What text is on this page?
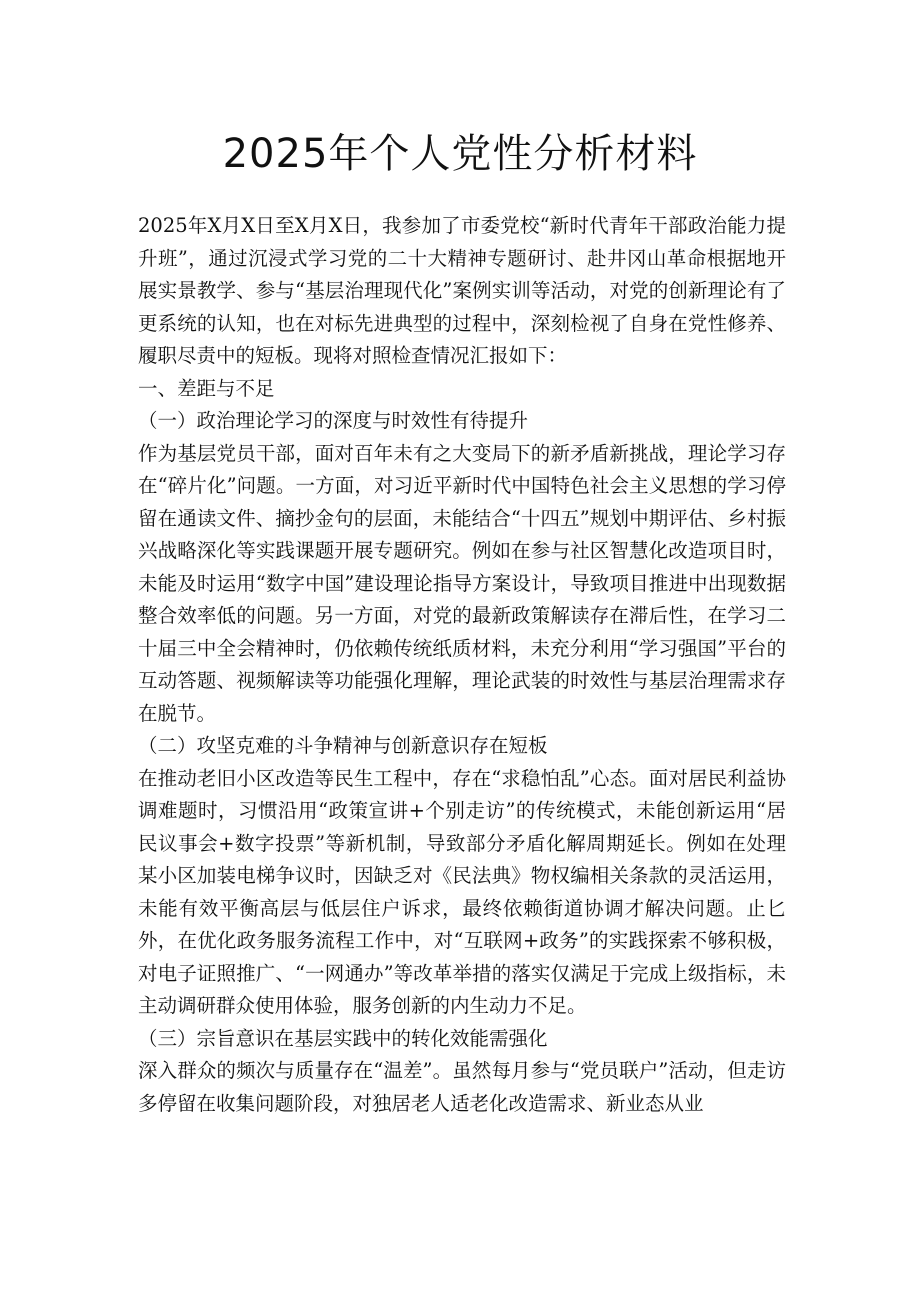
2025年个人党性分析材料

2025年X月X日至X月X日，我参加了市委党校“新时代青年干部政治能力提升班”，通过沉浸式学习党的二十大精神专题研讨、赴井冈山革命根据地开展实景教学、参与“基层治理现代化”案例实训等活动，对党的创新理论有了更系统的认知，也在对标先进典型的过程中，深刻检视了自身在党性修养、履职尽责中的短板。现将对照检查情况汇报如下：

一、差距与不足

（一）政治理论学习的深度与时效性有待提升

作为基层党员干部，面对百年未有之大变局下的新矛盾新挑战，理论学习存在“碎片化”问题。一方面，对习近平新时代中国特色社会主义思想的学习停留在通读文件、摘抄金句的层面，未能结合“十四五”规划中期评估、乡村振兴战略深化等实践课题开展专题研究。例如在参与社区智慧化改造项目时，未能及时运用“数字中国”建设理论指导方案设计，导致项目推进中出现数据整合效率低的问题。另一方面，对党的最新政策解读存在滞后性，在学习二十届三中全会精神时，仍依赖传统纸质材料，未充分利用“学习强国”平台的互动答题、视频解读等功能强化理解，理论武装的时效性与基层治理需求存在脱节。

（二）攻坚克难的斗争精神与创新意识存在短板

在推动老旧小区改造等民生工程中，存在“求稳怕乱”心态。面对居民利益协调难题时，习惯沿用“政策宣讲+个别走访”的传统模式，未能创新运用“居民议事会+数字投票”等新机制，导致部分矛盾化解周期延长。例如在处理某小区加装电梯争议时，因缺乏对《民法典》物权编相关条款的灵活运用，未能有效平衡高层与低层住户诉求，最终依赖街道协调才解决问题。止匕外，在优化政务服务流程工作中，对“互联网+政务”的实践探索不够积极，对电子证照推广、“一网通办”等改革举措的落实仅满足于完成上级指标，未主动调研群众使用体验，服务创新的内生动力不足。

（三）宗旨意识在基层实践中的转化效能需强化

深入群众的频次与质量存在“温差”。虽然每月参与“党员联户”活动，但走访多停留在收集问题阶段，对独居老人适老化改造需求、新业态从业
